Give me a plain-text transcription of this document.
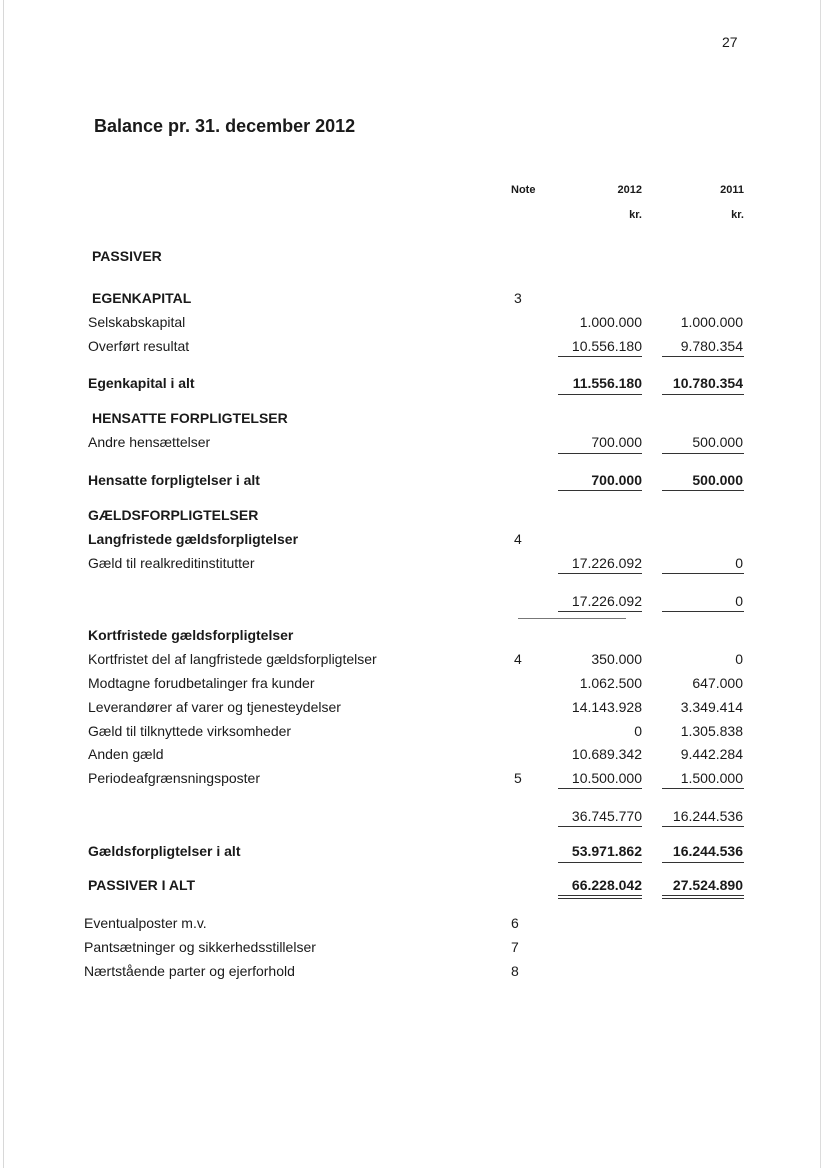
27
Balance pr. 31. december 2012
Note	2012	2011
kr.	kr.
PASSIVER
EGENKAPITAL	3
Selskabskapital	1.000.000	1.000.000
Overført resultat	10.556.180	9.780.354
Egenkapital i alt	11.556.180	10.780.354
HENSATTE FORPLIGTELSER
Andre hensættelser	700.000	500.000
Hensatte forpligtelser i alt	700.000	500.000
GÆLDSFORPLIGTELSER
Langfristede gældsforpligtelser	4
Gæld til realkreditinstitutter	17.226.092	0
17.226.092	0
Kortfristede gældsforpligtelser
Kortfristet del af langfristede gældsforpligtelser	4	350.000	0
Modtagne forudbetalinger fra kunder	1.062.500	647.000
Leverandører af varer og tjenesteydelser	14.143.928	3.349.414
Gæld til tilknyttede virksomheder	0	1.305.838
Anden gæld	10.689.342	9.442.284
Periodeafgrænsningsposter	5	10.500.000	1.500.000
36.745.770	16.244.536
Gældsforpligtelser i alt	53.971.862	16.244.536
PASSIVER I ALT	66.228.042	27.524.890
Eventualposter m.v.	6
Pantsætninger og sikkerhedsstillelser	7
Nærtstående parter og ejerforhold	8
